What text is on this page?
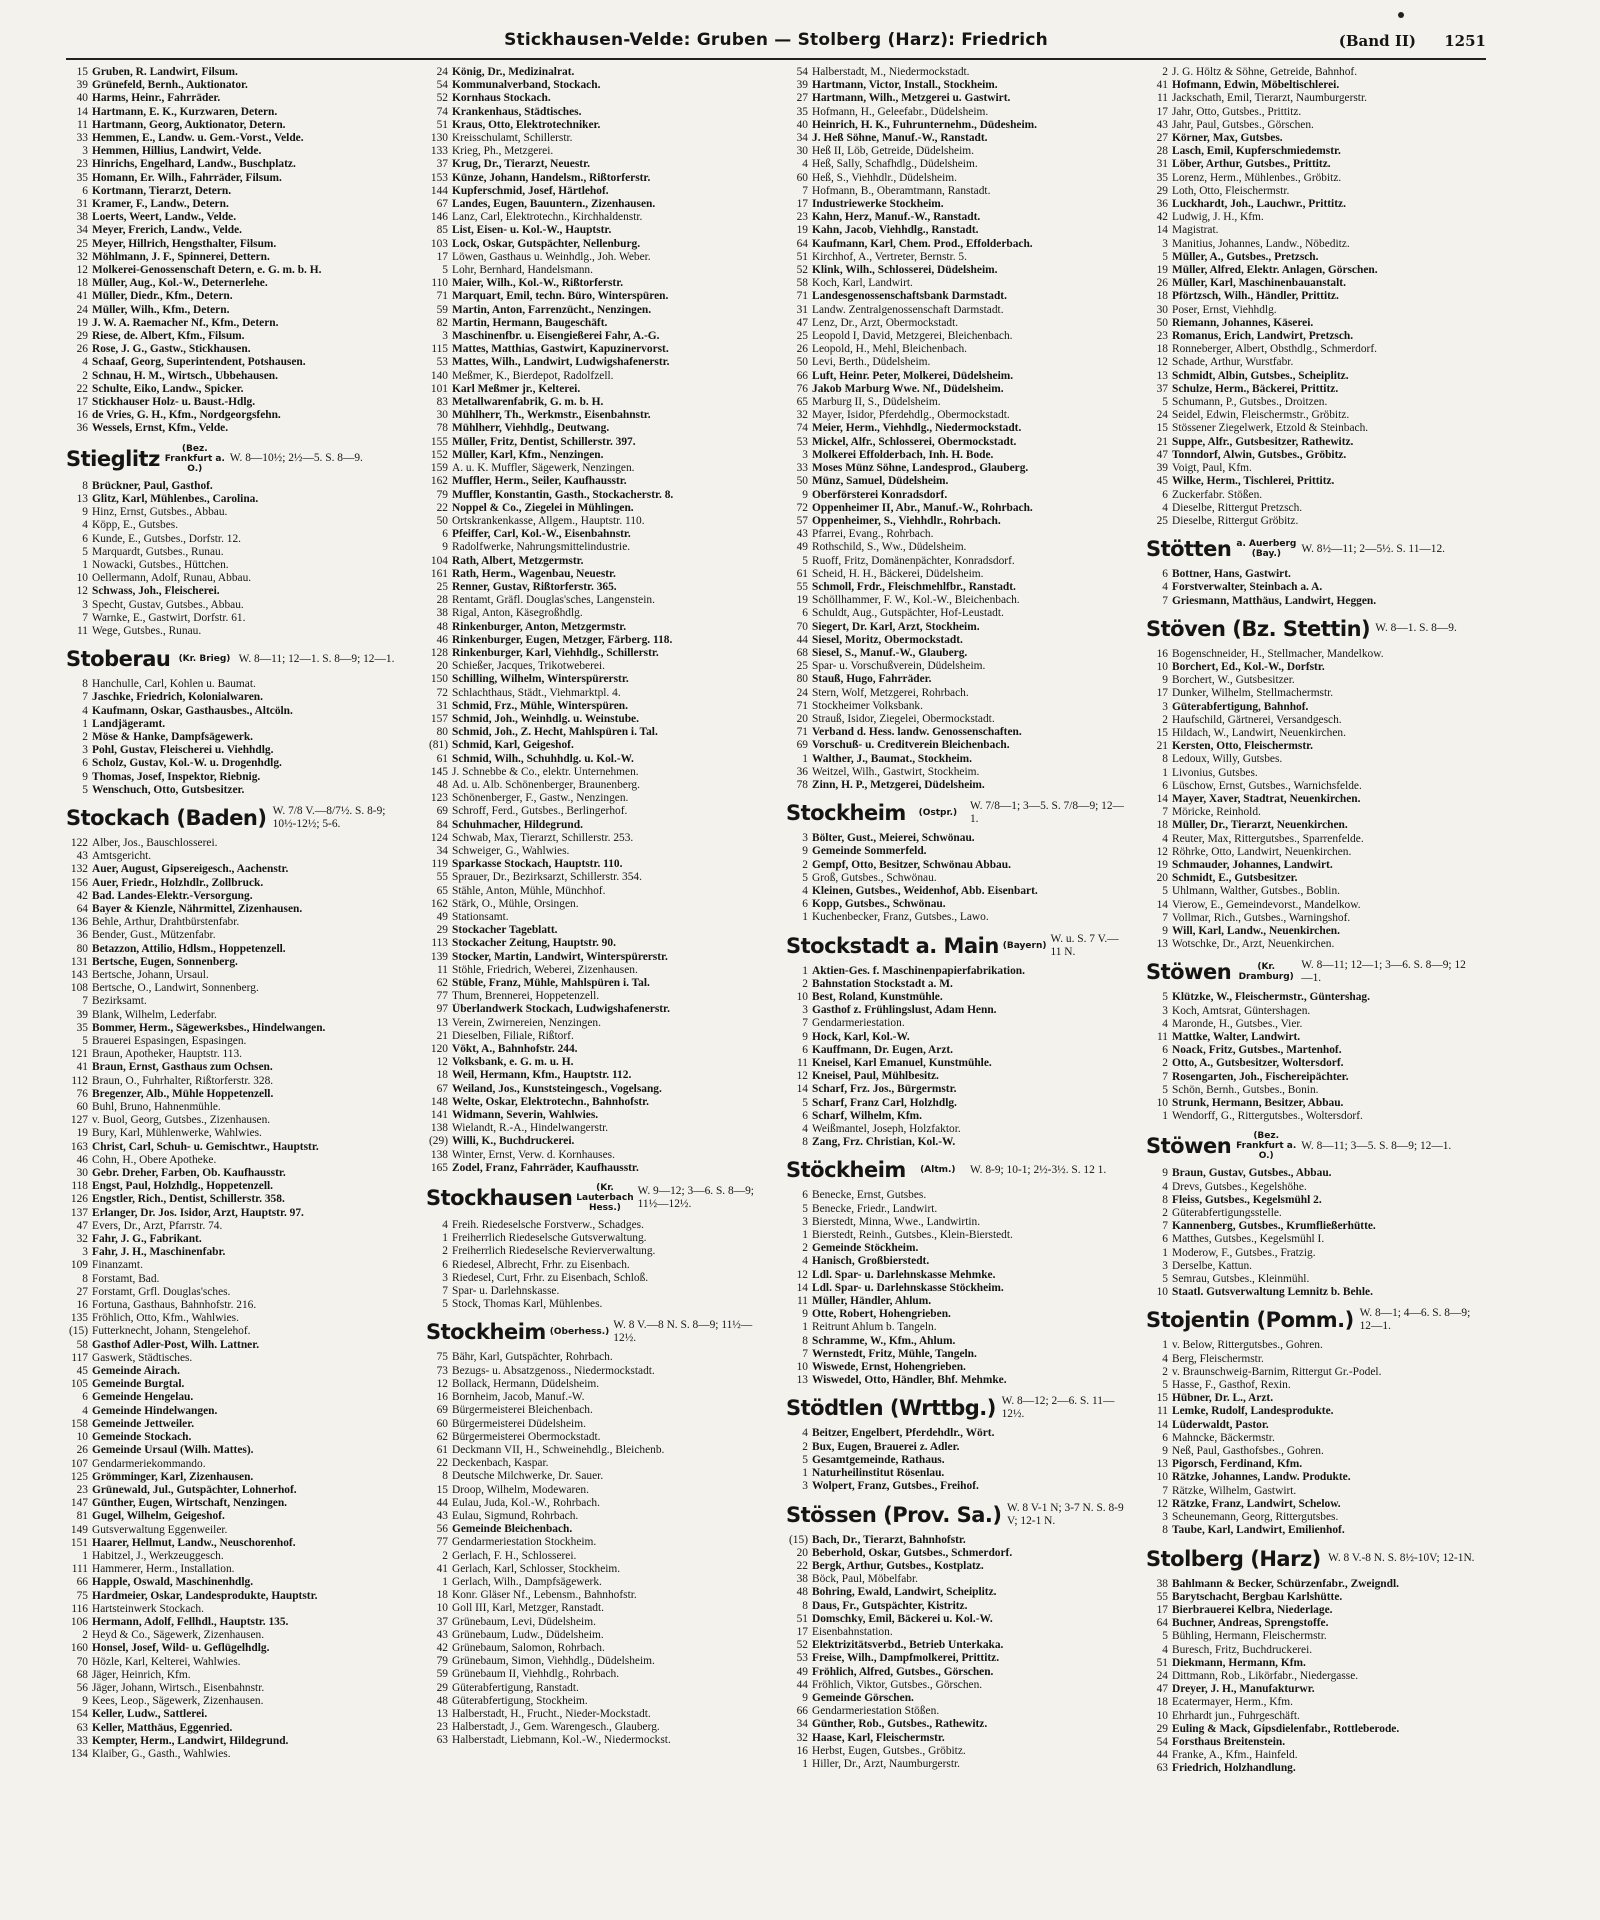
Stickhausen-Velde: Gruben — Stolberg (Harz): Friedrich	(Band II) 1251
15 Gruben, R. Landwirt, Filsum.
39 Grünefeld, Bernh., Auktionator.
40 Harms, Heinr., Fahrräder.
14 Hartmann, E. K., Kurzwaren, Detern.
11 Hartmann, Georg, Auktionator, Detern.
33 Hemmen, E., Landw. u. Gem.-Vorst., Velde.
3 Hemmen, Hillius, Landwirt, Velde.
23 Hinrichs, Engelhard, Landw., Buschplatz.
35 Homann, Er. Wilh., Fahrräder, Filsum.
6 Kortmann, Tierarzt, Detern.
31 Kramer, F., Landw., Detern.
38 Loerts, Weert, Landw., Velde.
34 Meyer, Frerich, Landw., Velde.
25 Meyer, Hillrich, Hengsthalter, Filsum.
32 Möhlmann, J. F., Spinnerei, Dettern.
12 Molkerei-Genossenschaft Detern, e. G. m. b. H.
18 Müller, Aug., Kol.-W., Deternerlehe.
41 Müller, Diedr., Kfm., Detern.
24 Müller, Wilh., Kfm., Detern.
19 J. W. A. Raemacher Nf., Kfm., Detern.
29 Riese, de. Albert, Kfm., Filsum.
26 Rose, J. G., Gastw., Stickhausen.
4 Schaaf, Georg, Superintendent, Potshausen.
2 Schnau, H. M., Wirtsch., Ubbehausen.
22 Schulte, Eiko, Landw., Spicker.
17 Stickhauser Holz- u. Baust.-Hdlg.
16 de Vries, G. H., Kfm., Nordgeorgsfehn.
36 Wessels, Ernst, Kfm., Velde.
Stieglitz	(Bez. Frankfurt a. O.)
W. 8—10½; 2½—5. S. 8—9.
8 Brückner, Paul, Gasthof.
13 Glitz, Karl, Mühlenbes., Carolina.
9 Hinz, Ernst, Gutsbes., Abbau.
4 Köpp, E., Gutsbes.
6 Kunde, E., Gutsbes., Dorfstr. 12.
5 Marquardt, Gutsbes., Runau.
1 Nowacki, Gutsbes., Hüttchen.
10 Oellermann, Adolf, Runau, Abbau.
12 Schwass, Joh., Fleischerei.
3 Specht, Gustav, Gutsbes., Abbau.
7 Warnke, E., Gastwirt, Dorfstr. 61.
11 Wege, Gutsbes., Runau.
Stoberau (Kr. Brieg) W. 8—11; 12—1. S. 8—9; 12—1.
8 Hanchulle, Carl, Kohlen u. Baumat.
7 Jaschke, Friedrich, Kolonialwaren.
4 Kaufmann, Oskar, Gasthausbes., Altcöln.
1 Landjägeramt.
2 Möse & Hanke, Dampfsägewerk.
3 Pohl, Gustav, Fleischerei u. Viehhdlg.
6 Scholz, Gustav, Kol.-W. u. Drogenhdlg.
9 Thomas, Josef, Inspektor, Riebnig.
5 Wenschuch, Otto, Gutsbesitzer.
Stockach (Baden) W. 7/8 V.—8/7½. S. 8-9; 10½-12½; 5-6.
122 Alber, Jos., Bauschlosserei.
43 Amtsgericht.
132 Auer, August, Gipsereigesch., Aachenstr.
156 Auer, Friedr., Holzhdlr., Zollbruck.
42 Bad. Landes-Elektr.-Versorgung.
64 Bayer & Kienzle, Nährmittel, Zizenhausen.
136 Behle, Arthur, Drahtbürstenfabr.
36 Bender, Gust., Mützenfabr.
80 Betazzon, Attilio, Hdlsm., Hoppetenzell.
131 Bertsche, Eugen, Sonnenberg.
143 Bertsche, Johann, Ursaul.
108 Bertsche, O., Landwirt, Sonnenberg.
7 Bezirksamt.
39 Blank, Wilhelm, Lederfabr.
35 Bommer, Herm., Sägewerksbes., Hindelwangen.
5 Brauerei Espasingen, Espasingen.
121 Braun, Apotheker, Hauptstr. 113.
41 Braun, Ernst, Gasthaus zum Ochsen.
112 Braun, O., Fuhrhalter, Rißtorferstr. 328.
76 Bregenzer, Alb., Mühle Hoppetenzell.
60 Buhl, Bruno, Hahnenmühle.
127 v. Buol, Georg, Gutsbes., Zizenhausen.
19 Bury, Karl, Mühlenwerke, Wahlwies.
163 Christ, Carl, Schuh- u. Gemischtwr., Hauptstr.
46 Cohn, H., Obere Apotheke.
30 Gebr. Dreher, Farben, Ob. Kaufhausstr.
118 Engst, Paul, Holzhdlg., Hoppetenzell.
126 Engstler, Rich., Dentist, Schillerstr. 358.
137 Erlanger, Dr. Jos. Isidor, Arzt, Hauptstr. 97.
47 Evers, Dr., Arzt, Pfarrstr. 74.
32 Fahr, J. G., Fabrikant.
3 Fahr, J. H., Maschinenfabr.
109 Finanzamt.
8 Forstamt, Bad.
27 Forstamt, Grfl. Douglas'sches.
16 Fortuna, Gasthaus, Bahnhofstr. 216.
135 Fröhlich, Otto, Kfm., Wahlwies.
(15) Futterknecht, Johann, Stengelehof.
58 Gasthof Adler-Post, Wilh. Lattner.
117 Gaswerk, Städtisches.
45 Gemeinde Airach.
105 Gemeinde Burgtal.
6 Gemeinde Hengelau.
4 Gemeinde Hindelwangen.
158 Gemeinde Jettweiler.
10 Gemeinde Stockach.
26 Gemeinde Ursaul (Wilh. Mattes).
107 Gendarmeriekommando.
125 Grömminger, Karl, Zizenhausen.
23 Grünewald, Jul., Gutspächter, Lohnerhof.
147 Günther, Eugen, Wirtschaft, Nenzingen.
81 Gugel, Wilhelm, Geigeshof.
149 Gutsverwaltung Eggenweiler.
151 Haarer, Hellmut, Landw., Neuschorenhof.
1 Habitzel, J., Werkzeuggesch.
111 Hammerer, Herm., Installation.
66 Happle, Oswald, Maschinenhdlg.
75 Hardmeier, Oskar, Landesprodukte, Hauptstr.
116 Hartsteinwerk Stockach.
106 Hermann, Adolf, Fellhdl., Hauptstr. 135.
2 Heyd & Co., Sägewerk, Zizenhausen.
160 Honsel, Josef, Wild- u. Geflügelhdlg.
70 Hözle, Karl, Kelterei, Wahlwies.
68 Jäger, Heinrich, Kfm.
56 Jäger, Johann, Wirtsch., Eisenbahnstr.
9 Kees, Leop., Sägewerk, Zizenhausen.
154 Keller, Ludw., Sattlerei.
63 Keller, Matthäus, Eggenried.
33 Kempter, Herm., Landwirt, Hildegrund.
134 Klaiber, G., Gasth., Wahlwies.
24 König, Dr., Medizinalrat.
54 Kommunalverband, Stockach.
52 Kornhaus Stockach.
74 Krankenhaus, Städtisches.
51 Kraus, Otto, Elektrotechniker.
130 Kreisschulamt, Schillerstr.
133 Krieg, Ph., Metzgerei.
37 Krug, Dr., Tierarzt, Neuestr.
153 Künze, Johann, Handelsm., Rißtorferstr.
144 Kupferschmid, Josef, Härtlehof.
67 Landes, Eugen, Bauuntern., Zizenhausen.
146 Lanz, Carl, Elektrotechn., Kirchhaldenstr.
85 List, Eisen- u. Kol.-W., Hauptstr.
103 Lock, Oskar, Gutspächter, Nellenburg.
17 Löwen, Gasthaus u. Weinhdlg., Joh. Weber.
5 Lohr, Bernhard, Handelsmann.
110 Maier, Wilh., Kol.-W., Rißtorferstr.
71 Marquart, Emil, techn. Büro, Winterspüren.
59 Martin, Anton, Farrenzücht., Nenzingen.
82 Martin, Hermann, Baugeschäft.
3 Maschinenfbr. u. Eisengießerei Fahr, A.-G.
115 Mattes, Matthias, Gastwirt, Kapuzinervorst.
53 Mattes, Wilh., Landwirt, Ludwigshafenerstr.
140 Meßmer, K., Bierdepot, Radolfzell.
101 Karl Meßmer jr., Kelterei.
83 Metallwarenfabrik, G. m. b. H.
30 Mühlherr, Th., Werkmstr., Eisenbahnstr.
78 Mühlherr, Viehhdlg., Deutwang.
155 Müller, Fritz, Dentist, Schillerstr. 397.
152 Müller, Karl, Kfm., Nenzingen.
159 A. u. K. Muffler, Sägewerk, Nenzingen.
162 Muffler, Herm., Seiler, Kaufhausstr.
79 Muffler, Konstantin, Gasth., Stockacherstr. 8.
22 Noppel & Co., Ziegelei in Mühlingen.
50 Ortskrankenkasse, Allgem., Hauptstr. 110.
6 Pfeiffer, Carl, Kol.-W., Eisenbahnstr.
9 Radolfwerke, Nahrungsmittelindustrie.
104 Rath, Albert, Metzgermstr.
161 Rath, Herm., Wagenbau, Neuestr.
25 Renner, Gustav, Rißtorferstr. 365.
28 Rentamt, Gräfl. Douglas'sches, Langenstein.
38 Rigal, Anton, Käsegroßhdlg.
48 Rinkenburger, Anton, Metzgermstr.
46 Rinkenburger, Eugen, Metzger, Färberg. 118.
128 Rinkenburger, Karl, Viehhdlg., Schillerstr.
20 Schießer, Jacques, Trikotweberei.
150 Schilling, Wilhelm, Winterspürerstr.
72 Schlachthaus, Städt., Viehmarktpl. 4.
31 Schmid, Frz., Mühle, Winterspüren.
157 Schmid, Joh., Weinhdlg. u. Weinstube.
80 Schmid, Joh., Z. Hecht, Mahlspüren i. Tal.
(81) Schmid, Karl, Geigeshof.
61 Schmid, Wilh., Schuhhdlg. u. Kol.-W.
145 J. Schnebbe & Co., elektr. Unternehmen.
48 Ad. u. Alb. Schönenberger, Braunenberg.
123 Schönenberger, F., Gastw., Nenzingen.
69 Schroff, Ferd., Gutsbes., Berlingerhof.
84 Schuhmacher, Hildegrund.
124 Schwab, Max, Tierarzt, Schillerstr. 253.
34 Schweiger, G., Wahlwies.
119 Sparkasse Stockach, Hauptstr. 110.
55 Sprauer, Dr., Bezirksarzt, Schillerstr. 354.
65 Stähle, Anton, Mühle, Münchhof.
162 Stärk, O., Mühle, Orsingen.
49 Stationsamt.
29 Stockacher Tageblatt.
113 Stockacher Zeitung, Hauptstr. 90.
139 Stocker, Martin, Landwirt, Winterspürerstr.
11 Stöhle, Friedrich, Weberei, Zizenhausen.
62 Stüble, Franz, Mühle, Mahlspüren i. Tal.
77 Thum, Brennerei, Hoppetenzell.
97 Überlandwerk Stockach, Ludwigshafenerstr.
13 Verein, Zwirnereien, Nenzingen.
21 Dieselben, Filiale, Rißtorf.
120 Vökt, A., Bahnhofstr. 244.
12 Volksbank, e. G. m. u. H.
18 Weil, Hermann, Kfm., Hauptstr. 112.
67 Weiland, Jos., Kunststeingesch., Vogelsang.
148 Welte, Oskar, Elektrotechn., Bahnhofstr.
141 Widmann, Severin, Wahlwies.
138 Wielandt, R.-A., Hindelwangerstr.
(29) Willi, K., Buchdruckerei.
138 Winter, Ernst, Verw. d. Kornhauses.
165 Zodel, Franz, Fahrräder, Kaufhausstr.
Stockhausen	(Kr. Lauterbach Hess.)
W. 9—12; 3—6. S. 8—9; 11½—12½.
4 Freih. Riedeselsche Forstverw., Schadges.
1 Freiherrlich Riedeselsche Gutsverwaltung.
2 Freiherrlich Riedeselsche Revierverwaltung.
6 Riedesel, Albrecht, Frhr. zu Eisenbach.
3 Riedesel, Curt, Frhr. zu Eisenbach, Schloß.
7 Spar- u. Darlehnskasse.
5 Stock, Thomas Karl, Mühlenbes.
Stockheim (Oberhess.)
W. 8 V.—8 N. S. 8—9; 11½—12½.
75 Bähr, Karl, Gutspächter, Rohrbach.
73 Bezugs- u. Absatzgenoss., Niedermockstadt.
12 Bollack, Hermann, Düdelsheim.
16 Bornheim, Jacob, Manuf.-W.
69 Bürgermeisterei Bleichenbach.
60 Bürgermeisterei Düdelsheim.
62 Bürgermeisterei Obermockstadt.
61 Deckmann VII, H., Schweinehdlg., Bleichenb.
22 Deckenbach, Kaspar.
8 Deutsche Milchwerke, Dr. Sauer.
15 Droop, Wilhelm, Modewaren.
44 Eulau, Juda, Kol.-W., Rohrbach.
43 Eulau, Sigmund, Rohrbach.
56 Gemeinde Bleichenbach.
77 Gendarmeriestation Stockheim.
2 Gerlach, F. H., Schlosserei.
41 Gerlach, Karl, Schlosser, Stockheim.
1 Gerlach, Wilh., Dampfsägewerk.
18 Konr. Gläser Nf., Lebensm., Bahnhofstr.
10 Goll III, Karl, Metzger, Ranstadt.
37 Grünebaum, Levi, Düdelsheim.
43 Grünebaum, Ludw., Düdelsheim.
42 Grünebaum, Salomon, Rohrbach.
79 Grünebaum, Simon, Viehhdlg., Düdelsheim.
59 Grünebaum II, Viehhdlg., Rohrbach.
29 Güterabfertigung, Ranstadt.
48 Güterabfertigung, Stockheim.
13 Halberstadt, H., Frucht., Nieder-Mockstadt.
23 Halberstadt, J., Gem. Warengesch., Glauberg.
63 Halberstadt, Liebmann, Kol.-W., Niedermockst.
54 Halberstadt, M., Niedermockstadt.
39 Hartmann, Victor, Install., Stockheim.
27 Hartmann, Wilh., Metzgerei u. Gastwirt.
35 Hofmann, H., Geleefabr., Düdelsheim.
40 Heinrich, H. K., Fuhrunternehm., Düdesheim.
34 J. Heß Söhne, Manuf.-W., Ranstadt.
30 Heß II, Löb, Getreide, Düdelsheim.
4 Heß, Sally, Schafhdlg., Düdelsheim.
60 Heß, S., Viehhdlr., Düdelsheim.
7 Hofmann, B., Oberamtmann, Ranstadt.
17 Industriewerke Stockheim.
23 Kahn, Herz, Manuf.-W., Ranstadt.
19 Kahn, Jacob, Viehhdlg., Ranstadt.
64 Kaufmann, Karl, Chem. Prod., Effolderbach.
51 Kirchhof, A., Vertreter, Bernstr. 5.
52 Klink, Wilh., Schlosserei, Düdelsheim.
58 Koch, Karl, Landwirt.
71 Landesgenossenschaftsbank Darmstadt.
31 Landw. Zentralgenossenschaft Darmstadt.
47 Lenz, Dr., Arzt, Obermockstadt.
25 Leopold I, David, Metzgerei, Bleichenbach.
26 Leopold, H., Mehl, Bleichenbach.
50 Levi, Berth., Düdelsheim.
66 Luft, Heinr. Peter, Molkerei, Düdelsheim.
76 Jakob Marburg Wwe. Nf., Düdelsheim.
65 Marburg II, S., Düdelsheim.
32 Mayer, Isidor, Pferdehdlg., Obermockstadt.
74 Meier, Herm., Viehhdlg., Niedermockstadt.
53 Mickel, Alfr., Schlosserei, Obermockstadt.
3 Molkerei Effolderbach, Inh. H. Bode.
33 Moses Münz Söhne, Landesprod., Glauberg.
50 Münz, Samuel, Düdelsheim.
9 Oberförsterei Konradsdorf.
72 Oppenheimer II, Abr., Manuf.-W., Rohrbach.
57 Oppenheimer, S., Viehhdlr., Rohrbach.
43 Pfarrei, Evang., Rohrbach.
49 Rothschild, S., Ww., Düdelsheim.
5 Ruoff, Fritz, Domänenpächter, Konradsdorf.
61 Scheid, H. H., Bäckerei, Düdelsheim.
55 Schmoll, Frdr., Fleischmehlfbr., Ranstadt.
19 Schöllhammer, F. W., Kol.-W., Bleichenbach.
6 Schuldt, Aug., Gutspächter, Hof-Leustadt.
70 Siegert, Dr. Karl, Arzt, Stockheim.
44 Siesel, Moritz, Obermockstadt.
68 Siesel, S., Manuf.-W., Glauberg.
25 Spar- u. Vorschußverein, Düdelsheim.
80 Stauß, Hugo, Fahrräder.
24 Stern, Wolf, Metzgerei, Rohrbach.
71 Stockheimer Volksbank.
20 Strauß, Isidor, Ziegelei, Obermockstadt.
71 Verband d. Hess. landw. Genossenschaften.
69 Vorschuß- u. Creditverein Bleichenbach.
1 Walther, J., Baumat., Stockheim.
36 Weitzel, Wilh., Gastwirt, Stockheim.
78 Zinn, H. P., Metzgerei, Düdelsheim.
Stockheim	(Ostpr.)
W. 7/8—1; 3—5. S. 7/8—9; 12—1.
3 Bölter, Gust., Meierei, Schwönau.
9 Gemeinde Sommerfeld.
2 Gempf, Otto, Besitzer, Schwönau Abbau.
5 Groß, Gutsbes., Schwönau.
4 Kleinen, Gutsbes., Weidenhof, Abb. Eisenbart.
6 Kopp, Gutsbes., Schwönau.
1 Kuchenbecker, Franz, Gutsbes., Lawo.
Stockstadt a. Main (Bayern)
W. u. S. 7 V.—11 N.
1 Aktien-Ges. f. Maschinenpapierfabrikation.
2 Bahnstation Stockstadt a. M.
10 Best, Roland, Kunstmühle.
3 Gasthof z. Frühlingslust, Adam Henn.
7 Gendarmeriestation.
9 Hock, Karl, Kol.-W.
6 Kauffmann, Dr. Eugen, Arzt.
11 Kneisel, Karl Emanuel, Kunstmühle.
12 Kneisel, Paul, Mühlbesitz.
14 Scharf, Frz. Jos., Bürgermstr.
5 Scharf, Franz Carl, Holzhdlg.
6 Scharf, Wilhelm, Kfm.
4 Weißmantel, Joseph, Holzfaktor.
8 Zang, Frz. Christian, Kol.-W.
Stöckheim	(Altm.)	W. 8-9; 10-1; 2½-3½. S. 12 1.
6 Benecke, Ernst, Gutsbes.
5 Benecke, Friedr., Landwirt.
3 Bierstedt, Minna, Wwe., Landwirtin.
1 Bierstedt, Reinh., Gutsbes., Klein-Bierstedt.
2 Gemeinde Stöckheim.
4 Hanisch, Großbierstedt.
12 Ldl. Spar- u. Darlehnskasse Mehmke.
14 Ldl. Spar- u. Darlehnskasse Stöckheim.
11 Müller, Händler, Ahlum.
9 Otte, Robert, Hohengrieben.
1 Reitrunt Ahlum b. Tangeln.
8 Schramme, W., Kfm., Ahlum.
7 Wernstedt, Fritz, Mühle, Tangeln.
10 Wiswede, Ernst, Hohengrieben.
13 Wiswedel, Otto, Händler, Bhf. Mehmke.
Stödtlen (Wrttbg.) W. 8—12; 2—6. S. 11—12½.
4 Beitzer, Engelbert, Pferdehdlr., Wört.
2 Bux, Eugen, Brauerei z. Adler.
5 Gesamtgemeinde, Rathaus.
1 Naturheilinstitut Rösenlau.
3 Wolpert, Franz, Gutsbes., Freihof.
Stössen (Prov. Sa.) W. 8 V-1 N; 3-7 N. S. 8-9 V; 12-1 N.
(15) Bach, Dr., Tierarzt, Bahnhofstr.
20 Beberhold, Oskar, Gutsbes., Schmerdorf.
22 Bergk, Arthur, Gutsbes., Kostplatz.
38 Böck, Paul, Möbelfabr.
48 Bohring, Ewald, Landwirt, Scheiplitz.
8 Daus, Fr., Gutspächter, Kistritz.
51 Domschky, Emil, Bäckerei u. Kol.-W.
17 Eisenbahnstation.
52 Elektrizitätsverbd., Betrieb Unterkaka.
53 Freise, Wilh., Dampfmolkerei, Prittitz.
49 Fröhlich, Alfred, Gutsbes., Görschen.
44 Fröhlich, Viktor, Gutsbes., Görschen.
9 Gemeinde Görschen.
66 Gendarmeriestation Stößen.
34 Günther, Rob., Gutsbes., Rathewitz.
32 Haase, Karl, Fleischermstr.
16 Herbst, Eugen, Gutsbes., Gröbitz.
1 Hiller, Dr., Arzt, Naumburgerstr.
2 J. G. Höltz & Söhne, Getreide, Bahnhof.
41 Hofmann, Edwin, Möbeltischlerei.
11 Jackschath, Emil, Tierarzt, Naumburgerstr.
17 Jahr, Otto, Gutsbes., Prittitz.
43 Jahr, Paul, Gutsbes., Görschen.
27 Körner, Max, Gutsbes.
28 Lasch, Emil, Kupferschmiedemstr.
31 Löber, Arthur, Gutsbes., Prittitz.
35 Lorenz, Herm., Mühlenbes., Gröbitz.
29 Loth, Otto, Fleischermstr.
36 Luckhardt, Joh., Lauchwr., Prittitz.
42 Ludwig, J. H., Kfm.
14 Magistrat.
3 Manitius, Johannes, Landw., Nöbeditz.
5 Müller, A., Gutsbes., Pretzsch.
19 Müller, Alfred, Elektr. Anlagen, Görschen.
26 Müller, Karl, Maschinenbauanstalt.
18 Pförtzsch, Wilh., Händler, Prittitz.
30 Poser, Ernst, Viehhdlg.
50 Riemann, Johannes, Käserei.
23 Romanus, Erich, Landwirt, Pretzsch.
18 Ronneberger, Albert, Obsthdlg., Schmerdorf.
12 Schade, Arthur, Wurstfabr.
13 Schmidt, Albin, Gutsbes., Scheiplitz.
37 Schulze, Herm., Bäckerei, Prittitz.
5 Schumann, P., Gutsbes., Droitzen.
24 Seidel, Edwin, Fleischermstr., Gröbitz.
15 Stössener Ziegelwerk, Etzold & Steinbach.
21 Suppe, Alfr., Gutsbesitzer, Rathewitz.
47 Tonndorf, Alwin, Gutsbes., Gröbitz.
39 Voigt, Paul, Kfm.
45 Wilke, Herm., Tischlerei, Prittitz.
6 Zuckerfabr. Stößen.
4 Dieselbe, Rittergut Pretzsch.
25 Dieselbe, Rittergut Gröbitz.
Stötten a. Auerberg (Bay.)	W. 8½—11; 2—5½. S. 11—12.
6 Bottner, Hans, Gastwirt.
4 Forstverwalter, Steinbach a. A.
7 Griesmann, Matthäus, Landwirt, Heggen.
Stöven (Bz. Stettin) W. 8—1. S. 8—9.
16 Bogenschneider, H., Stellmacher, Mandelkow.
10 Borchert, Ed., Kol.-W., Dorfstr.
9 Borchert, W., Gutsbesitzer.
17 Dunker, Wilhelm, Stellmachermstr.
3 Güterabfertigung, Bahnhof.
2 Haufschild, Gärtnerei, Versandgesch.
15 Hildach, W., Landwirt, Neuenkirchen.
21 Kersten, Otto, Fleischermstr.
8 Ledoux, Willy, Gutsbes.
1 Livonius, Gutsbes.
6 Lüschow, Ernst, Gutsbes., Warnichsfelde.
14 Mayer, Xaver, Stadtrat, Neuenkirchen.
7 Möricke, Reinhold.
18 Müller, Dr., Tierarzt, Neuenkirchen.
4 Reuter, Max, Rittergutsbes., Sparrenfelde.
12 Röhrke, Otto, Landwirt, Neuenkirchen.
19 Schmauder, Johannes, Landwirt.
20 Schmidt, E., Gutsbesitzer.
5 Uhlmann, Walther, Gutsbes., Boblin.
14 Vierow, E., Gemeindevorst., Mandelkow.
7 Vollmar, Rich., Gutsbes., Warningshof.
9 Will, Karl, Landw., Neuenkirchen.
13 Wotschke, Dr., Arzt, Neuenkirchen.
Stöwen	(Kr. Dramburg)
W. 8—11; 12—1; 3—6. S. 8—9; 12—1.
5 Klützke, W., Fleischermstr., Güntershag.
3 Koch, Amtsrat, Güntershagen.
4 Maronde, H., Gutsbes., Vier.
11 Mattke, Walter, Landwirt.
6 Noack, Fritz, Gutsbes., Martenhof.
2 Otto, A., Gutsbesitzer, Woltersdorf.
7 Rosengarten, Joh., Fischereipächter.
5 Schön, Bernh., Gutsbes., Bonin.
10 Strunk, Hermann, Besitzer, Abbau.
1 Wendorff, G., Rittergutsbes., Woltersdorf.
Stöwen	(Bez. Frankfurt a. O.)
W. 8—11; 3—5. S. 8—9; 12—1.
9 Braun, Gustav, Gutsbes., Abbau.
4 Drevs, Gutsbes., Kegelshöhe.
8 Fleiss, Gutsbes., Kegelsmühl 2.
2 Güterabfertigungsstelle.
7 Kannenberg, Gutsbes., Krumfließerhütte.
6 Matthes, Gutsbes., Kegelsmühl I.
1 Moderow, F., Gutsbes., Fratzig.
3 Derselbe, Kattun.
5 Semrau, Gutsbes., Kleinmühl.
10 Staatl. Gutsverwaltung Lemnitz b. Behle.
Stojentin (Pomm.) W. 8—1; 4—6. S. 8—9; 12—1.
1 v. Below, Rittergutsbes., Gohren.
4 Berg, Fleischermstr.
2 v. Braunschweig-Barnim, Rittergut Gr.-Podel.
5 Hasse, F., Gasthof, Rexin.
15 Hübner, Dr. L., Arzt.
11 Lemke, Rudolf, Landesprodukte.
14 Lüderwaldt, Pastor.
6 Mahncke, Bäckermstr.
9 Neß, Paul, Gasthofsbes., Gohren.
13 Pigorsch, Ferdinand, Kfm.
10 Rätzke, Johannes, Landw. Produkte.
7 Rätzke, Wilhelm, Gastwirt.
12 Rätzke, Franz, Landwirt, Schelow.
3 Scheunemann, Georg, Rittergutsbes.
8 Taube, Karl, Landwirt, Emilienhof.
Stolberg (Harz) W. 8 V.-8 N. S. 8½-10V; 12-1N.
38 Bahlmann & Becker, Schürzenfabr., Zweigndl.
55 Barytschacht, Bergbau Karlshütte.
17 Bierbrauerei Kelbra, Niederlage.
64 Buchner, Andreas, Sprengstoffe.
5 Bühling, Hermann, Fleischermstr.
4 Buresch, Fritz, Buchdruckerei.
51 Diekmann, Hermann, Kfm.
24 Dittmann, Rob., Likörfabr., Niedergasse.
47 Dreyer, J. H., Manufakturwr.
18 Ecatermayer, Herm., Kfm.
10 Ehrhardt jun., Fuhrgeschäft.
29 Euling & Mack, Gipsdielenfabr., Rottleberode.
54 Forsthaus Breitenstein.
44 Franke, A., Kfm., Hainfeld.
63 Friedrich, Holzhandlung.
